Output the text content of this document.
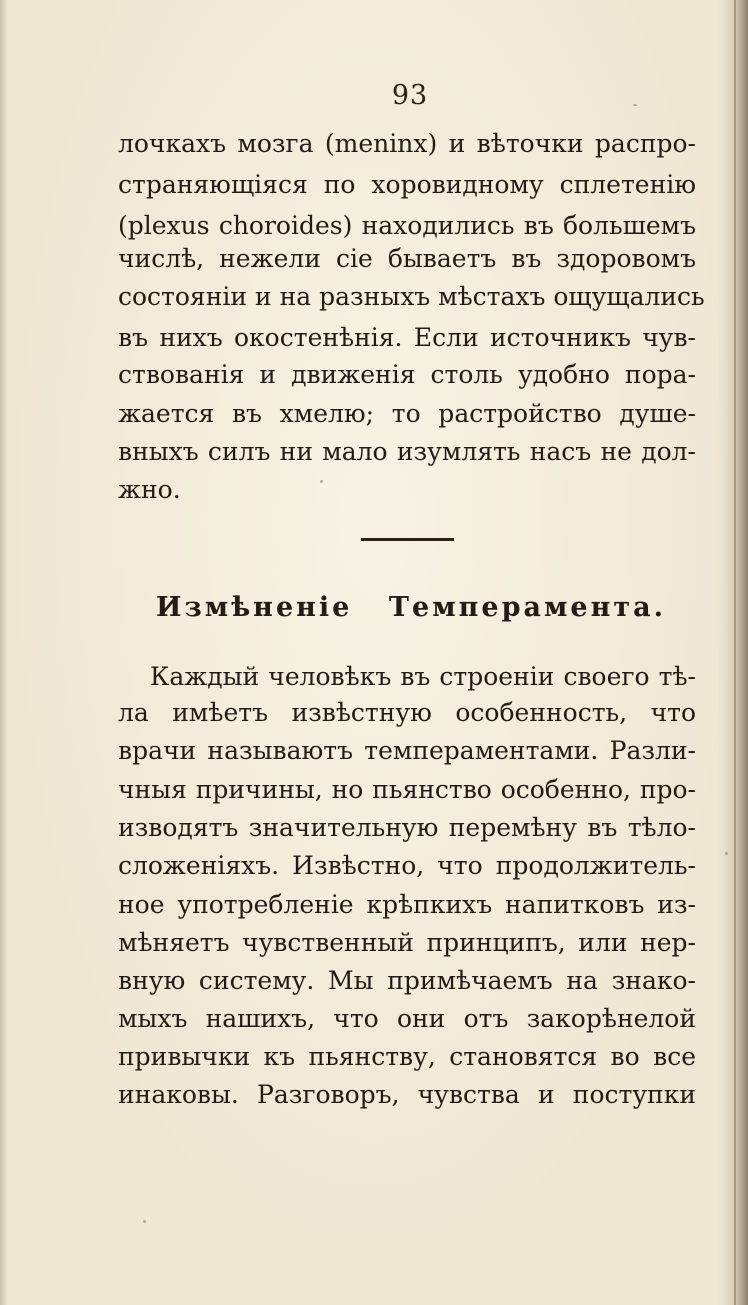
93
лочкахъ мозга (meninx) и вѣточки распро-
страняющіяся по хоровидному сплетенію
(plexus choroides) находились въ большемъ
числѣ, нежели сіе бываетъ въ здоровомъ
состояніи и на разныхъ мѣстахъ ощущались
въ нихъ окостенѣнія. Если источникъ чув-
ствованія и движенія столь удобно пора-
жается въ хмелю; то растройство душе-
вныхъ силъ ни мало изумлять насъ не дол-
жно.
Измѣненіе Темперамента.
Каждый человѣкъ въ строеніи своего тѣ-
ла имѣетъ извѣстную особенность, что
врачи называютъ темпераментами. Разли-
чныя причины, но пьянство особенно, про-
изводятъ значительную перемѣну въ тѣло-
сложеніяхъ. Извѣстно, что продолжитель-
ное употребленіе крѣпкихъ напитковъ из-
мѣняетъ чувственный принципъ, или нер-
вную систему. Мы примѣчаемъ на знако-
мыхъ нашихъ, что они отъ закорѣнелой
привычки къ пьянству, становятся во все
инаковы. Разговоръ, чувства и поступки
